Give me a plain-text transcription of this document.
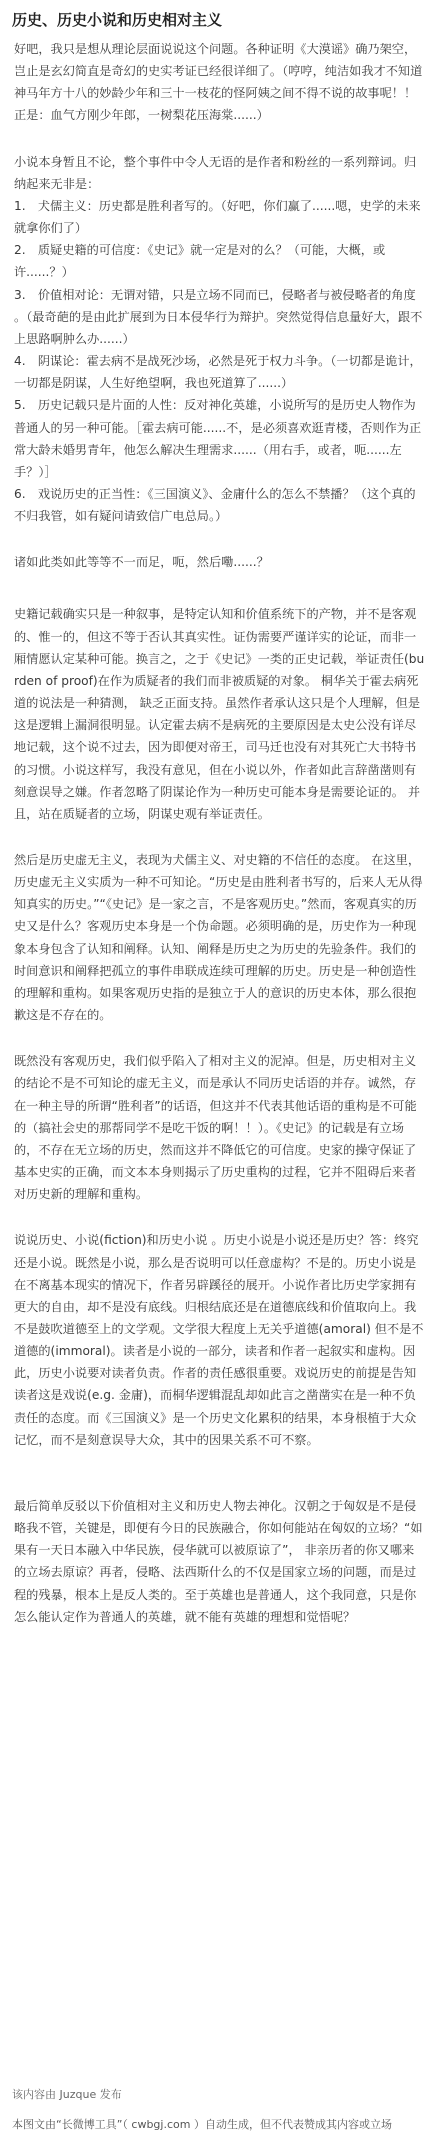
历史、历史小说和历史相对主义

好吧，我只是想从理论层面说说这个问题。各种证明《大漠谣》确乃架空，岂止是玄幻简直是奇幻的史实考证已经很详细了。（哼哼，纯洁如我才不知道神马年方十八的妙龄少年和三十一枝花的怪阿姨之间不得不说的故事呢！！正是：血气方刚少年郎，一树梨花压海棠......）

小说本身暂且不论，整个事件中令人无语的是作者和粉丝的一系列辩词。归纳起来无非是：

1.　犬儒主义：历史都是胜利者写的。（好吧，你们赢了......嗯，史学的未来就拿你们了）

2.　质疑史籍的可信度：《史记》就一定是对的么？（可能，大概，或许......？）

3.　价值相对论：无谓对错，只是立场不同而已，侵略者与被侵略者的角度 。（最奇葩的是由此扩展到为日本侵华行为辩护。突然觉得信息量好大，跟不上思路啊肿么办......）

4.　阴谋论：霍去病不是战死沙场，必然是死于权力斗争。（一切都是诡计，一切都是阴谋，人生好绝望啊，我也死道算了......）

5.　历史记载只是片面的人性：反对神化英雄，小说所写的是历史人物作为普通人的另一种可能。［霍去病可能......不，是必须喜欢逛青楼，否则作为正常大龄未婚男青年，他怎么解决生理需求......（用右手，或者，呃......左手？）］

6.　戏说历史的正当性：《三国演义》、金庸什么的怎么不禁播？（这个真的不归我管，如有疑问请致信广电总局。）

诸如此类如此等等不一而足，呃，然后嘞......？

史籍记载确实只是一种叙事，是特定认知和价值系统下的产物，并不是客观的、惟一的，但这不等于否认其真实性。证伪需要严谨详实的论证，而非一厢情愿认定某种可能。换言之，之于《史记》一类的正史记载，举证责任(burden of proof)在作为质疑者的我们而非被质疑的对象。 桐华关于霍去病死道的说法是一种猜测， 缺乏正面支持。虽然作者承认这只是个人理解，但是这是逻辑上漏洞很明显。认定霍去病不是病死的主要原因是太史公没有详尽地记载，这个说不过去，因为即便对帝王，司马迁也没有对其死亡大书特书的习惯。小说这样写，我没有意见，但在小说以外，作者如此言辞凿凿则有刻意误导之嫌。作者忽略了阴谋论作为一种历史可能本身是需要论证的。 并且，站在质疑者的立场，阴谋史观有举证责任。

然后是历史虚无主义，表现为犬儒主义、对史籍的不信任的态度。 在这里，历史虚无主义实质为一种不可知论。“历史是由胜利者书写的，后来人无从得知真实的历史。”“《史记》是一家之言，不是客观历史。”然而，客观真实的历史又是什么？客观历史本身是一个伪命题。必须明确的是，历史作为一种现象本身包含了认知和阐释。认知、阐释是历史之为历史的先验条件。我们的时间意识和阐释把孤立的事件串联成连续可理解的历史。历史是一种创造性的理解和重构。如果客观历史指的是独立于人的意识的历史本体，那么很抱歉这是不存在的。

既然没有客观历史，我们似乎陷入了相对主义的泥淖。但是，历史相对主义的结论不是不可知论的虚无主义，而是承认不同历史话语的并存。诚然，存在一种主导的所谓“胜利者”的话语，但这并不代表其他话语的重构是不可能的（搞社会史的那帮同学不是吃干饭的啊！！）。《史记》的记载是有立场的，不存在无立场的历史，然而这并不降低它的可信度。史家的操守保证了基本史实的正确，而文本本身则揭示了历史重构的过程，它并不阻碍后来者对历史新的理解和重构。

说说历史、小说(fiction)和历史小说 。历史小说是小说还是历史？答：终究还是小说。既然是小说，那么是否说明可以任意虚构？不是的。历史小说是在不离基本现实的情况下，作者另辟蹊径的展开。小说作者比历史学家拥有更大的自由，却不是没有底线。归根结底还是在道德底线和价值取向上。我不是鼓吹道德至上的文学观。文学很大程度上无关乎道德(amoral) 但不是不道德的(immoral)。读者是小说的一部分，读者和作者一起叙实和虚构。因此，历史小说要对读者负责。作者的责任感很重要。戏说历史的前提是告知读者这是戏说(e.g. 金庸)，而桐华逻辑混乱却如此言之凿凿实在是一种不负责任的态度。而《三国演义》是一个历史文化累积的结果，本身根植于大众记忆，而不是刻意误导大众，其中的因果关系不可不察。

最后简单反驳以下价值相对主义和历史人物去神化。汉朝之于匈奴是不是侵略我不管，关键是，即便有今日的民族融合，你如何能站在匈奴的立场？“如果有一天日本融入中华民族，侵华就可以被原谅了”， 非亲历者的你又哪来的立场去原谅？再者，侵略、法西斯什么的不仅是国家立场的问题，而是过程的残暴，根本上是反人类的。至于英雄也是普通人，这个我同意，只是你怎么能认定作为普通人的英雄，就不能有英雄的理想和觉悟呢？

该内容由 Juzque 发布
本图文由“长微博工具”（ cwbgj.com ）自动生成，但不代表赞成其内容或立场
